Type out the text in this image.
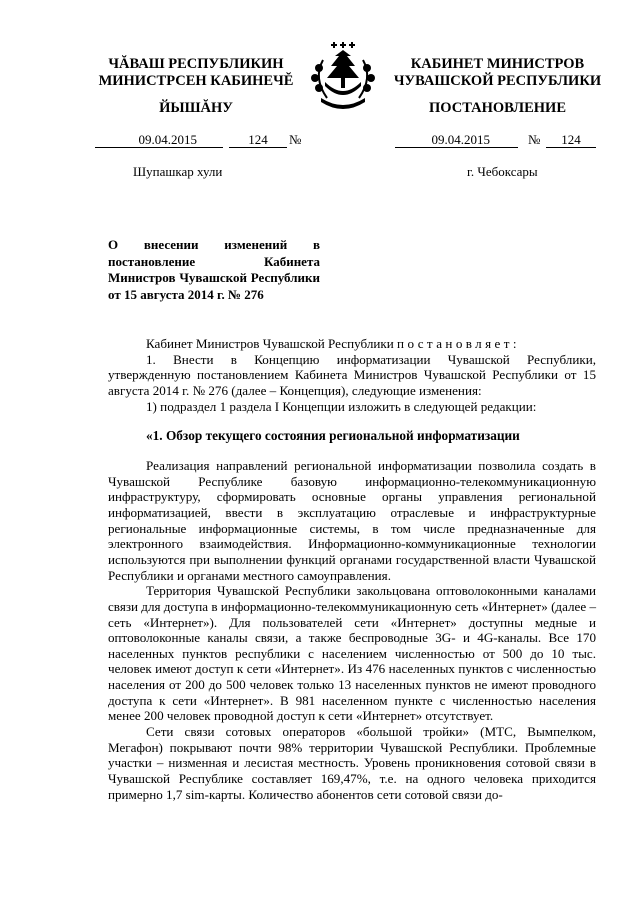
ЧĂВАШ РЕСПУБЛИКИН
МИНИСТРСЕН КАБИНЕЧĔ
КАБИНЕТ МИНИСТРОВ
ЧУВАШСКОЙ РЕСПУБЛИКИ
ЙЫШĂНУ	ПОСТАНОВЛЕНИЕ
09.04.2015	124	№	09.04.2015	№	124
Шупашкар хули	г. Чебоксары
О внесении изменений в постановление Кабинета Министров Чувашской Республики от 15 августа 2014 г. № 276

Кабинет Министров Чувашской Республики постановляет:

1. Внести в Концепцию информатизации Чувашской Республики, утвержденную постановлением Кабинета Министров Чувашской Республики от 15 августа 2014 г. № 276 (далее – Концепция), следующие изменения:

1) подраздел 1 раздела I Концепции изложить в следующей редакции:

«1. Обзор текущего состояния региональной информатизации

Реализация направлений региональной информатизации позволила создать в Чувашской Республике базовую информационно-телекоммуникационную инфраструктуру, сформировать основные органы управления региональной информатизацией, ввести в эксплуатацию отраслевые и инфраструктурные региональные информационные системы, в том числе предназначенные для электронного взаимодействия. Информационно-коммуникационные технологии используются при выполнении функций органами государственной власти Чувашской Республики и органами местного самоуправления.

Территория Чувашской Республики закольцована оптоволоконными каналами связи для доступа в информационно-телекоммуникационную сеть «Интернет» (далее – сеть «Интернет»). Для пользователей сети «Интернет» доступны медные и оптоволоконные каналы связи, а также беспроводные 3G- и 4G-каналы. Все 170 населенных пунктов республики с населением численностью от 500 до 10 тыс. человек имеют доступ к сети «Интернет». Из 476 населенных пунктов с численностью населения от 200 до 500 человек только 13 населенных пунктов не имеют проводного доступа к сети «Интернет». В 981 населенном пункте с численностью населения менее 200 человек проводной доступ к сети «Интернет» отсутствует.

Сети связи сотовых операторов «большой тройки» (МТС, Вымпелком, Мегафон) покрывают почти 98% территории Чувашской Республики. Проблемные участки – низменная и лесистая местность. Уровень проникновения сотовой связи в Чувашской Республике составляет 169,47%, т.е. на одного человека приходится примерно 1,7 sim-карты. Количество абонентов сети сотовой связи до-
